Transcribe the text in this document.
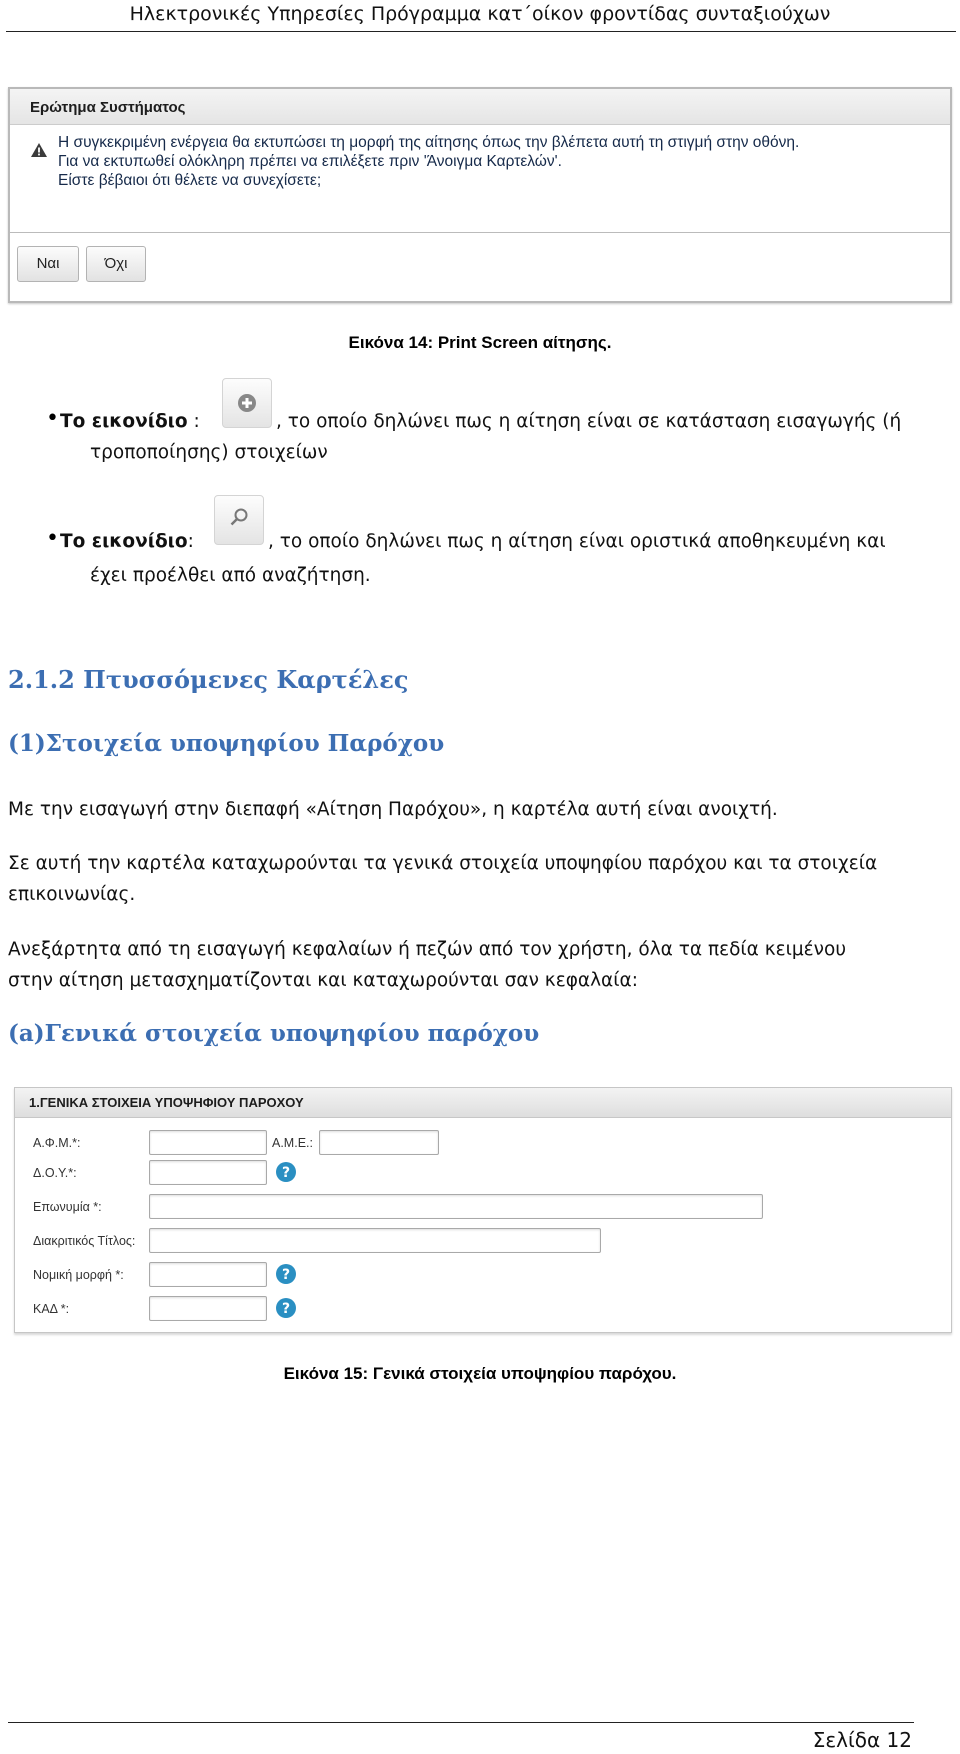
Ηλεκτρονικές Υπηρεσίες Πρόγραμμα κατ΄οίκον φροντίδας συνταξιούχων
Ερώτημα Συστήματος
Η συγκεκριμένη ενέργεια θα εκτυπώσει τη μορφή της αίτησης όπως την βλέπετα αυτή τη στιγμή στην οθόνη.
Για να εκτυπωθεί ολόκληρη πρέπει να επιλέξετε πριν 'Άνοιγμα Καρτελών'.
Είστε βέβαιοι ότι θέλετε να συνεχίσετε;
Ναι	Όχι
Εικόνα 14: Print Screen αίτησης.
• Το εικονίδιο :	, το οποίο δηλώνει πως η αίτηση είναι σε κατάσταση εισαγωγής (ή
τροποποίησης) στοιχείων
• Το εικονίδιο:	, το οποίο δηλώνει πως η αίτηση είναι οριστικά αποθηκευμένη και
έχει προέλθει από αναζήτηση.
2.1.2 Πτυσσόμενες Καρτέλες
(1)Στοιχεία υποψηφίου Παρόχου
Με την εισαγωγή στην διεπαφή «Αίτηση Παρόχου», η καρτέλα αυτή είναι ανοιχτή.
Σε αυτή την καρτέλα καταχωρούνται τα γενικά στοιχεία υποψηφίου παρόχου και τα στοιχεία
επικοινωνίας.
Ανεξάρτητα από τη εισαγωγή κεφαλαίων ή πεζών από τον χρήστη, όλα τα πεδία κειμένου
στην αίτηση μετασχηματίζονται και καταχωρούνται σαν κεφαλαία:
(a)Γενικά στοιχεία υποψηφίου παρόχου
1.ΓΕΝΙΚΑ ΣΤΟΙΧΕΙΑ ΥΠΟΨΗΦΙΟΥ ΠΑΡΟΧΟΥ
Α.Φ.Μ.*:	Α.Μ.Ε.:
Δ.Ο.Υ.*:	?
Επωνυμία *:
Διακριτικός Τίτλος:
Νομική μορφή *:	?
ΚΑΔ *:	?
Εικόνα 15: Γενικά στοιχεία υποψηφίου παρόχου.
Σελίδα 12
